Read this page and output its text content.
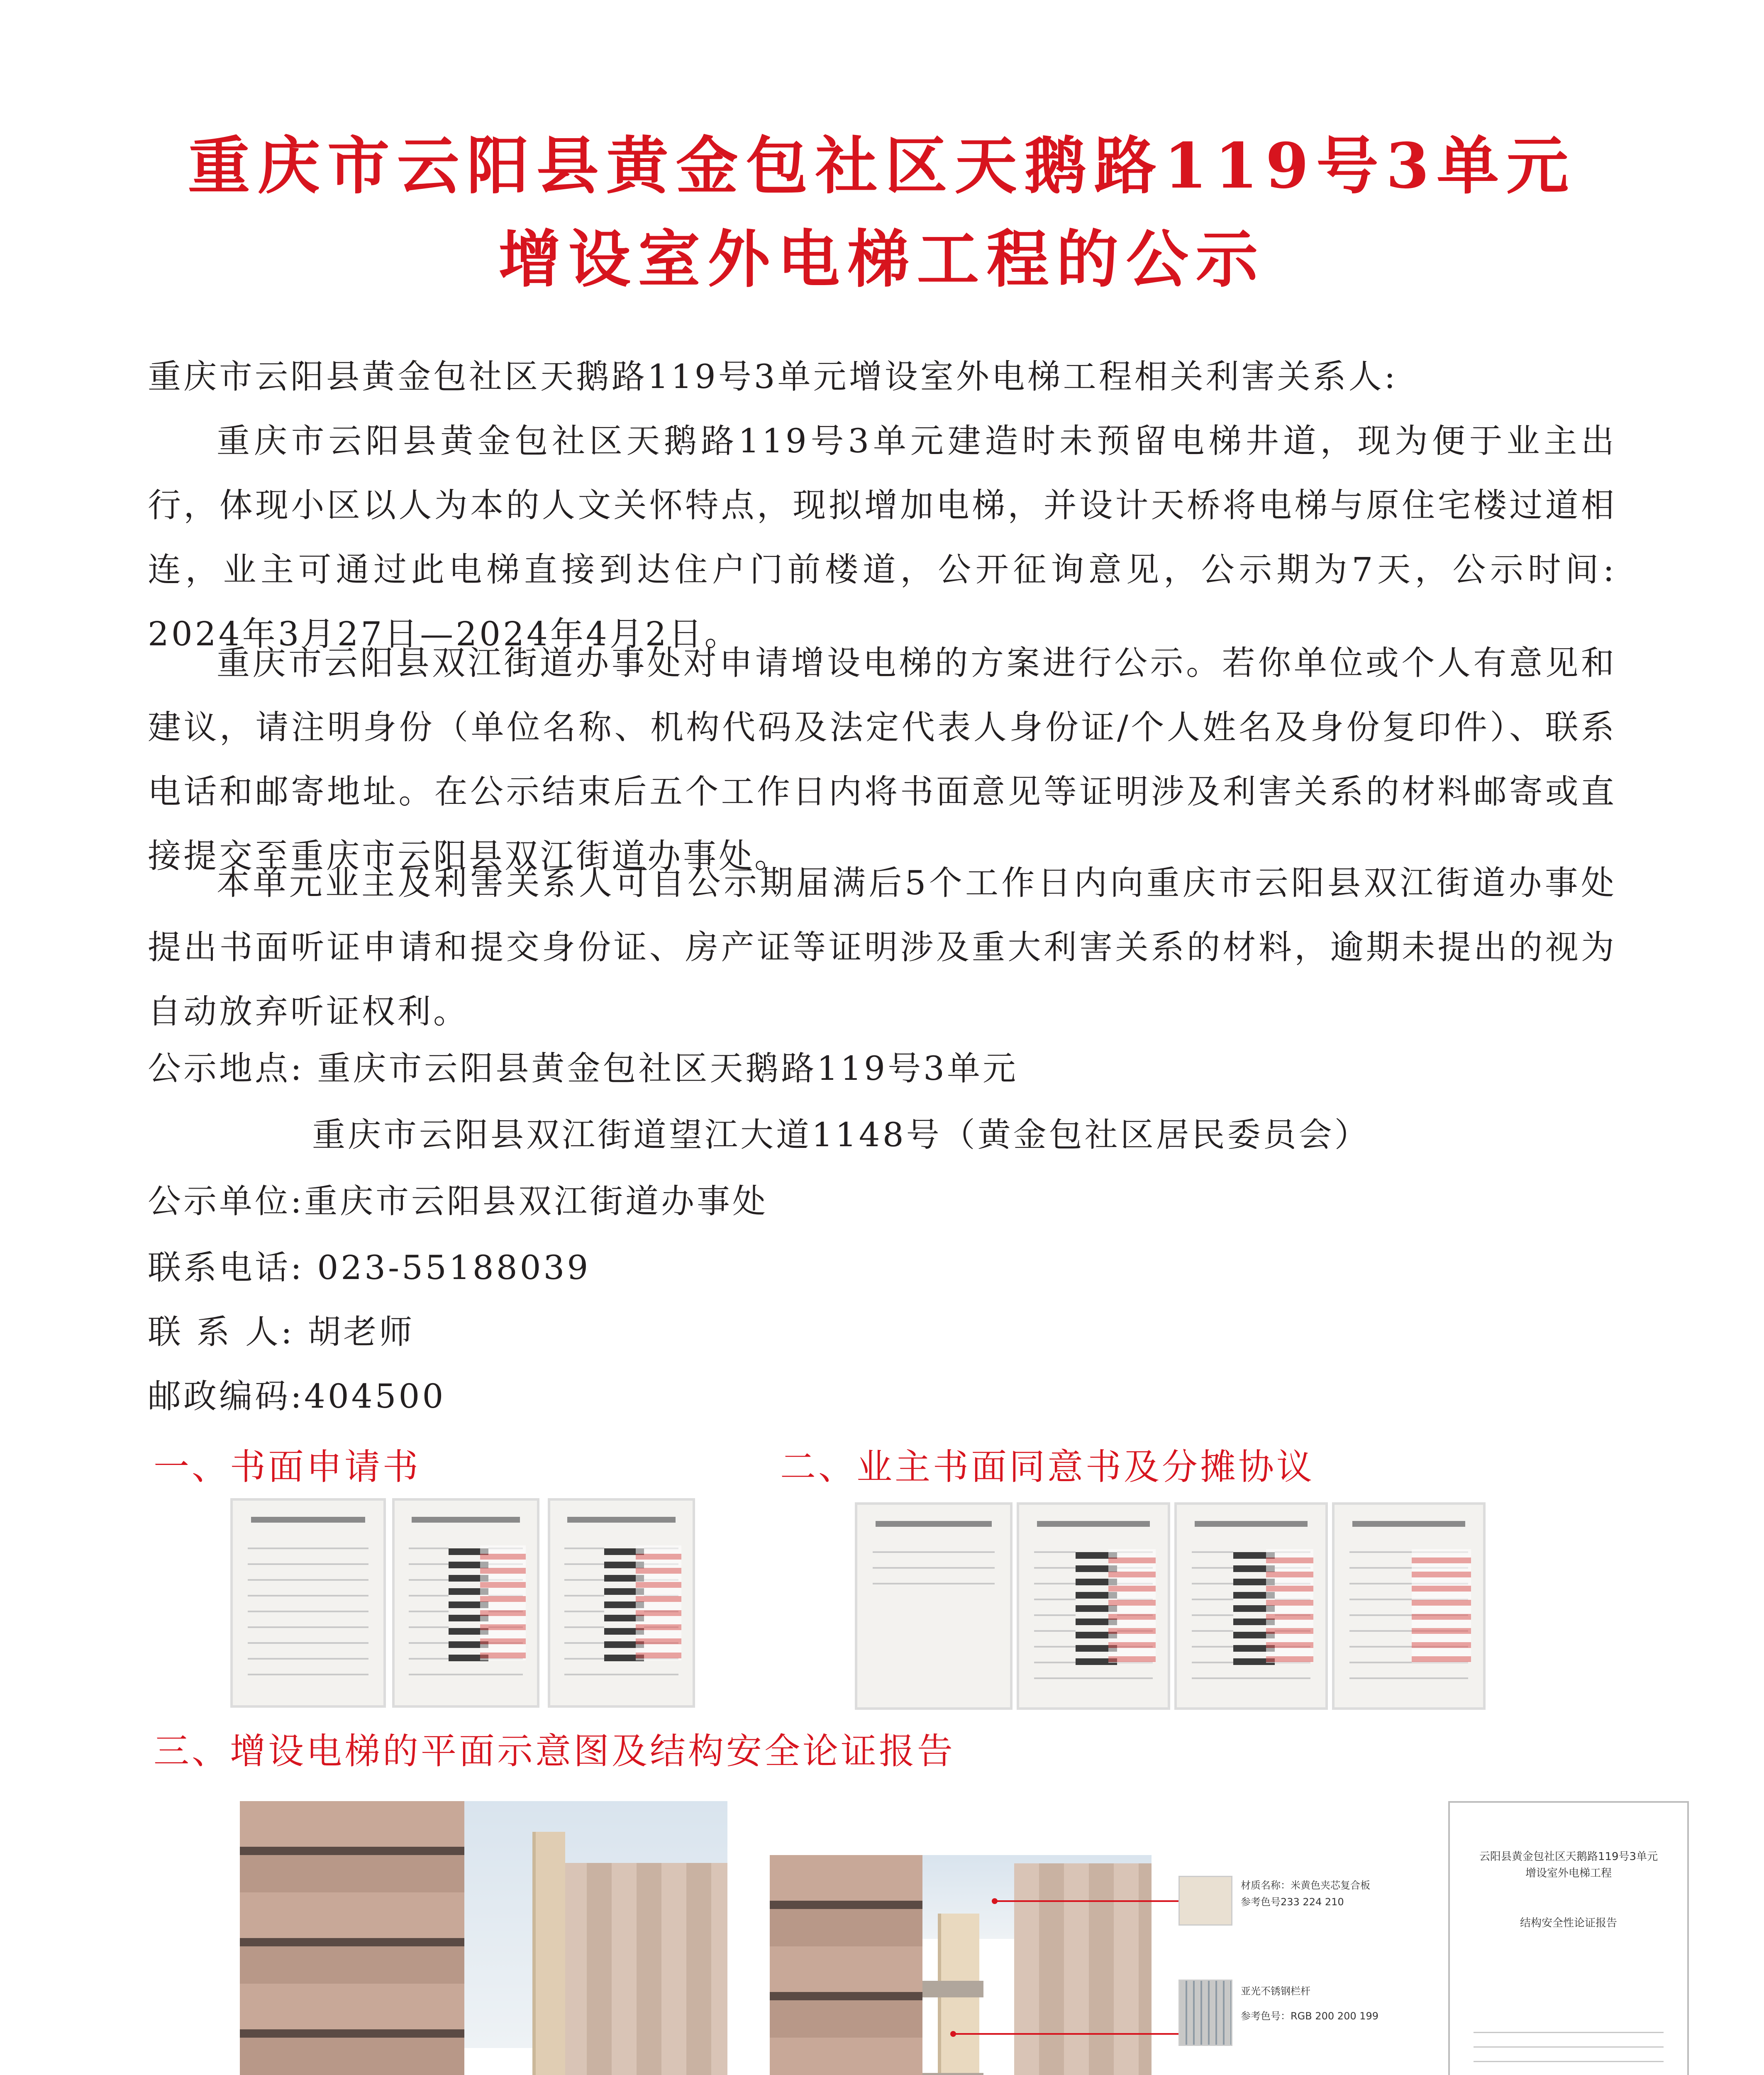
重庆市云阳县黄金包社区天鹅路119号3单元
增设室外电梯工程的公示

重庆市云阳县黄金包社区天鹅路119号3单元增设室外电梯工程相关利害关系人:

重庆市云阳县黄金包社区天鹅路119号3单元建造时未预留电梯井道，现为便于业主出行，体现小区以人为本的人文关怀特点，现拟增加电梯，并设计天桥将电梯与原住宅楼过道相连，业主可通过此电梯直接到达住户门前楼道，公开征询意见，公示期为7天，公示时间: 2024年3月27日—2024年4月2日。

重庆市云阳县双江街道办事处对申请增设电梯的方案进行公示。若你单位或个人有意见和建议，请注明身份（单位名称、机构代码及法定代表人身份证/个人姓名及身份复印件）、联系电话和邮寄地址。在公示结束后五个工作日内将书面意见等证明涉及利害关系的材料邮寄或直接提交至重庆市云阳县双江街道办事处。

本单元业主及利害关系人可自公示期届满后5个工作日内向重庆市云阳县双江街道办事处提出书面听证申请和提交身份证、房产证等证明涉及重大利害关系的材料，逾期未提出的视为自动放弃听证权利。

公示地点: 重庆市云阳县黄金包社区天鹅路119号3单元
重庆市云阳县双江街道望江大道1148号（黄金包社区居民委员会）
公示单位:重庆市云阳县双江街道办事处
联系电话: 023-55188039
联 系 人: 胡老师
邮政编码:404500
一、书面申请书	二、业主书面同意书及分摊协议
三、增设电梯的平面示意图及结构安全论证报告
材质名称：米黄色夹芯复合板
参考色号233 224 210
亚光不锈钢栏杆
参考色号：RGB 200 200 199
云阳县黄金包社区天鹅路119号3单元
增设室外电梯工程
结构安全性论证报告
